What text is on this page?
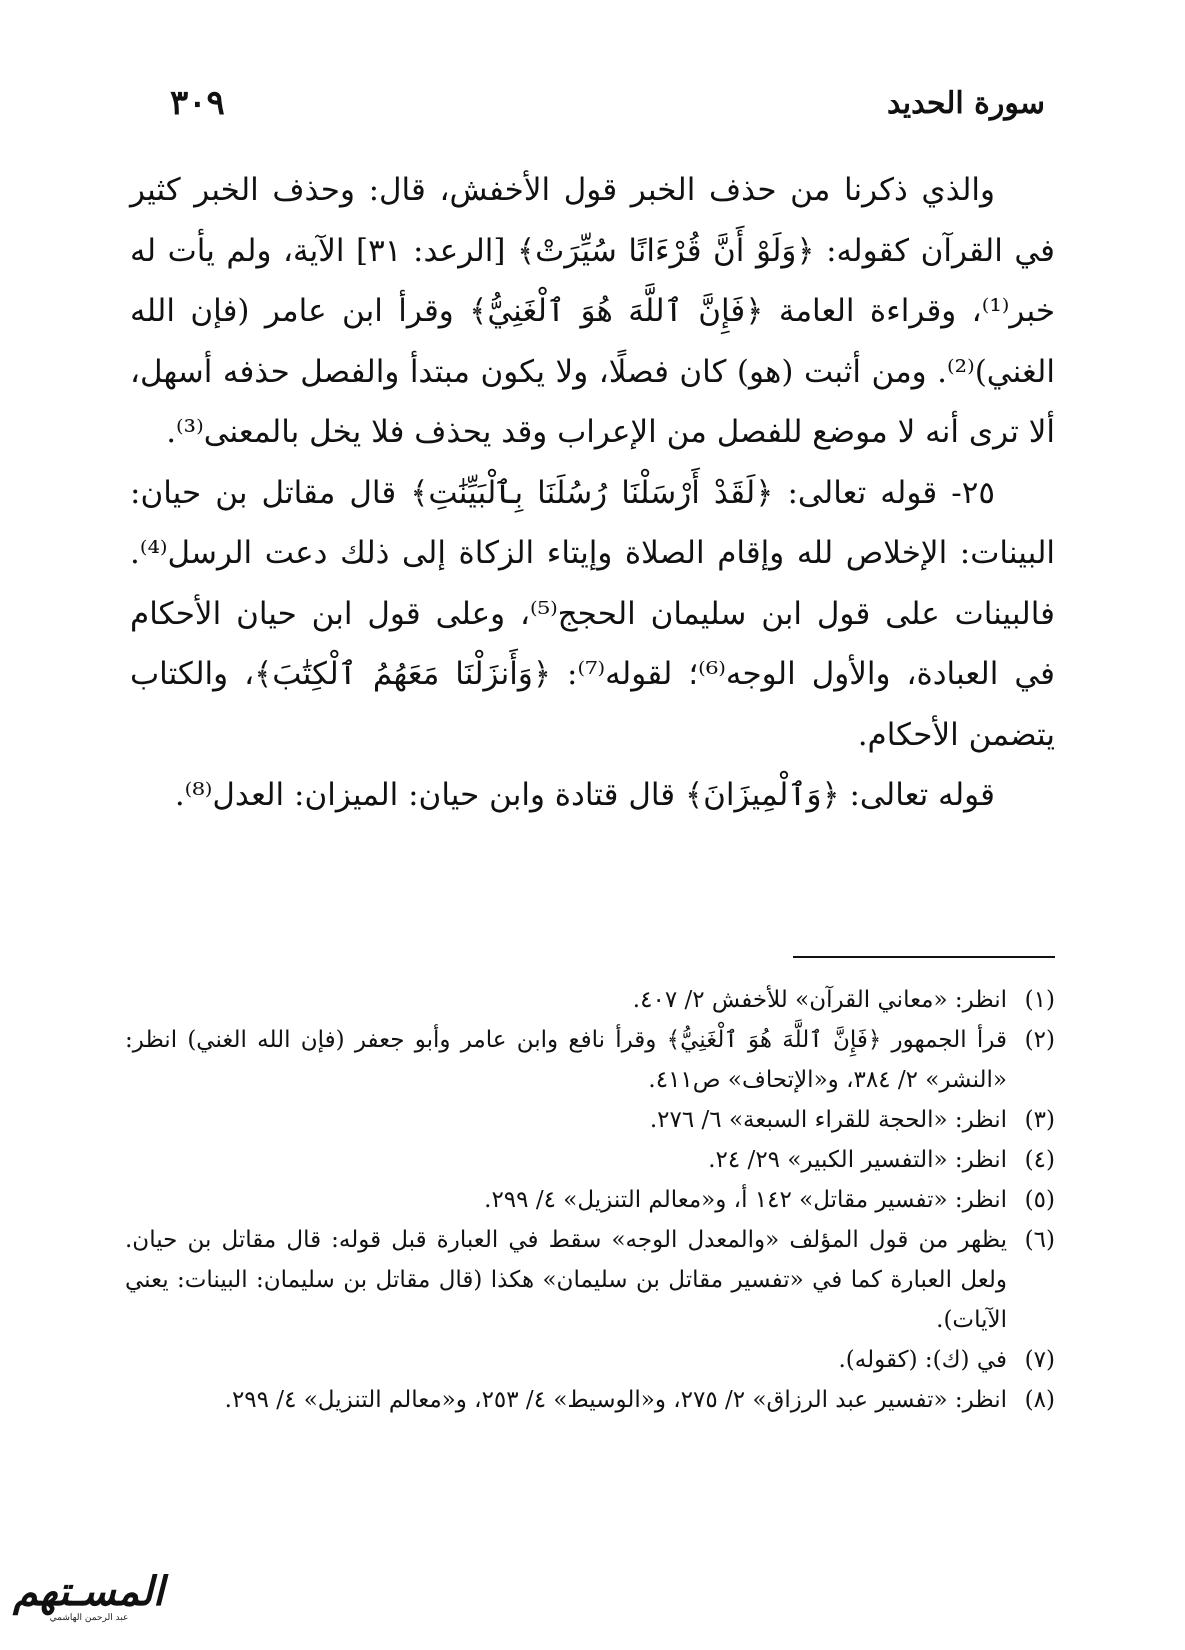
سورة الحديد
٣٠٩

والذي ذكرنا من حذف الخبر قول الأخفش، قال: وحذف الخبر كثير في القرآن كقوله: ﴿وَلَوْ أَنَّ قُرْءَانًا سُيِّرَتْ﴾ [الرعد: ٣١] الآية، ولم يأت له خبر⁽¹⁾، وقراءة العامة ﴿فَإِنَّ ٱللَّهَ هُوَ ٱلْغَنِيُّ﴾ وقرأ ابن عامر (فإن الله الغني)⁽²⁾. ومن أثبت (هو) كان فصلًا، ولا يكون مبتدأ والفصل حذفه أسهل، ألا ترى أنه لا موضع للفصل من الإعراب وقد يحذف فلا يخل بالمعنى⁽³⁾.

٢٥- قوله تعالى: ﴿لَقَدْ أَرْسَلْنَا رُسُلَنَا بِٱلْبَيِّنَٰتِ﴾ قال مقاتل بن حيان: البينات: الإخلاص لله وإقام الصلاة وإيتاء الزكاة إلى ذلك دعت الرسل⁽⁴⁾. فالبينات على قول ابن سليمان الحجج⁽⁵⁾، وعلى قول ابن حيان الأحكام في العبادة، والأول الوجه⁽⁶⁾؛ لقوله⁽⁷⁾: ﴿وَأَنزَلْنَا مَعَهُمُ ٱلْكِتَٰبَ﴾، والكتاب يتضمن الأحكام.

قوله تعالى: ﴿وَٱلْمِيزَانَ﴾ قال قتادة وابن حيان: الميزان: العدل⁽⁸⁾.

(١)
انظر: «معاني القرآن» للأخفش ٢/ ٤٠٧.
(٢)
قرأ الجمهور ﴿فَإِنَّ ٱللَّهَ هُوَ ٱلْغَنِيُّ﴾ وقرأ نافع وابن عامر وأبو جعفر (فإن الله الغني) انظر: «النشر» ٢/ ٣٨٤، و«الإتحاف» ص٤١١.
(٣)
انظر: «الحجة للقراء السبعة» ٦/ ٢٧٦.
(٤)
انظر: «التفسير الكبير» ٢٩/ ٢٤.
(٥)
انظر: «تفسير مقاتل» ١٤٢ أ، و«معالم التنزيل» ٤/ ٢٩٩.
(٦)
يظهر من قول المؤلف «والمعدل الوجه» سقط في العبارة قبل قوله: قال مقاتل بن حيان. ولعل العبارة كما في «تفسير مقاتل بن سليمان» هكذا (قال مقاتل بن سليمان: البينات: يعني الآيات).
(٧)
في (ك): (كقوله).
(٨)
انظر: «تفسير عبد الرزاق» ٢/ ٢٧٥، و«الوسيط» ٤/ ٢٥٣، و«معالم التنزيل» ٤/ ٢٩٩.
المسـتهم
عبد الرحمن الهاشمي
